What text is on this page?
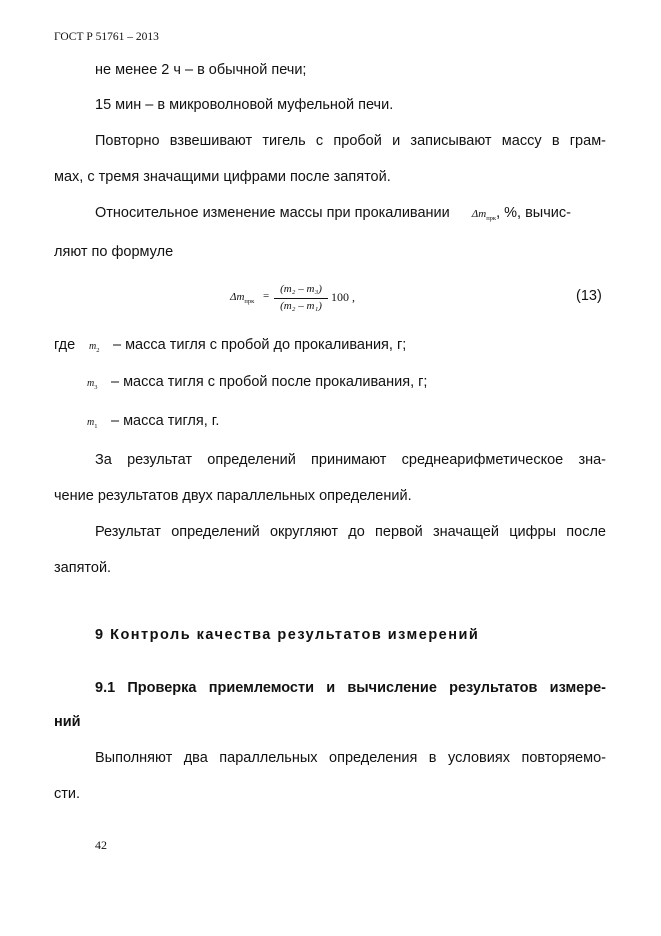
ГОСТ Р 51761 – 2013
не менее 2 ч – в обычной печи;
15 мин – в микроволновой муфельной печи.
Повторно взвешивают тигель с пробой и записывают массу в грам-
мах, с тремя значащими цифрами после запятой.
Относительное изменение массы при прокаливании $\Delta m_{прк}$, %, вычис-
ляют по формуле
$\Delta m_{прк}$ =
(m₂ – m₃)
(m₂ – m₁)
100 ,	(13)
где $m_2$ – масса тигля с пробой до прокаливания, г;
$m_3$ – масса тигля с пробой после прокаливания, г;
$m_1$ – масса тигля, г.
За результат определений принимают среднеарифметическое зна-
чение результатов двух параллельных определений.
Результат определений округляют до первой значащей цифры после
запятой.
9 Контроль качества результатов измерений
9.1 Проверка приемлемости и вычисление результатов измере-
ний
Выполняют два параллельных определения в условиях повторяемо-
сти.
42
